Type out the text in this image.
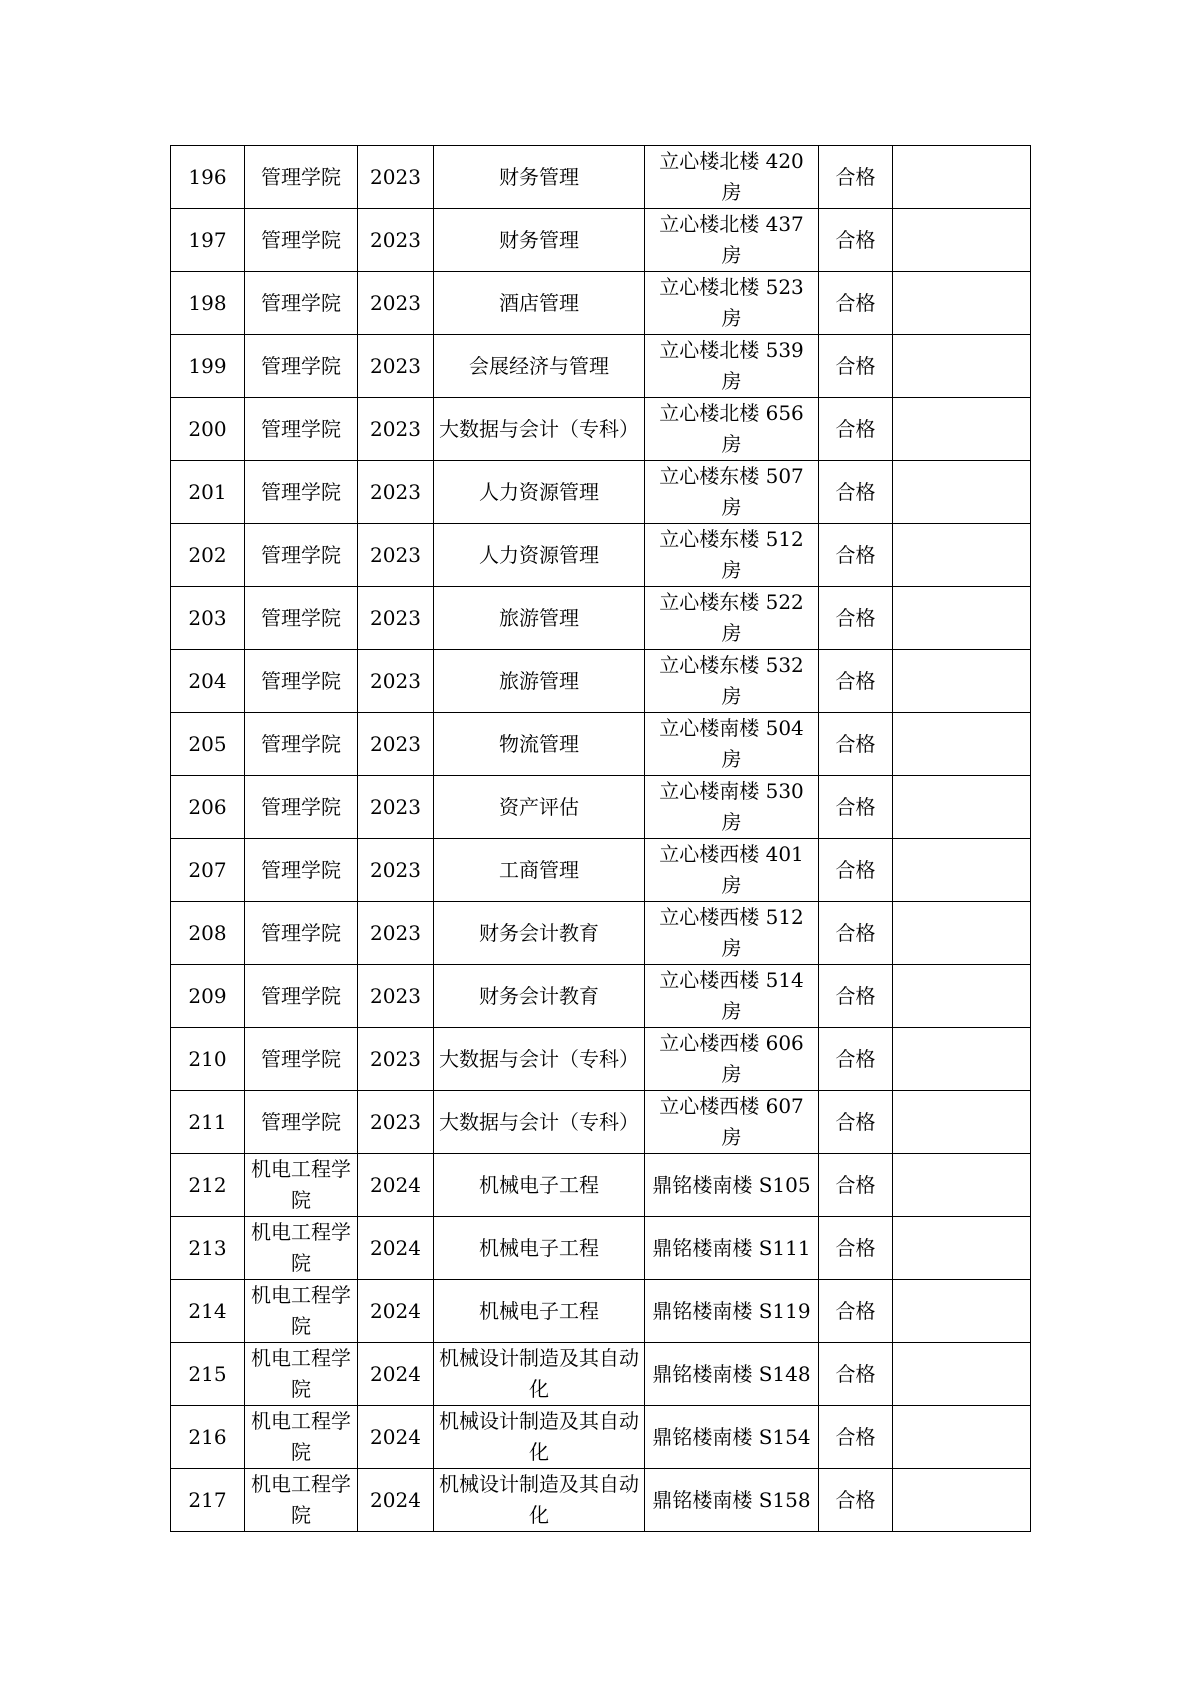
196	管理学院	2023	财务管理	立心楼北楼 420 房	合格	
197	管理学院	2023	财务管理	立心楼北楼 437 房	合格	
198	管理学院	2023	酒店管理	立心楼北楼 523 房	合格	
199	管理学院	2023	会展经济与管理	立心楼北楼 539 房	合格	
200	管理学院	2023	大数据与会计（专科）	立心楼北楼 656 房	合格	
201	管理学院	2023	人力资源管理	立心楼东楼 507 房	合格	
202	管理学院	2023	人力资源管理	立心楼东楼 512 房	合格	
203	管理学院	2023	旅游管理	立心楼东楼 522 房	合格	
204	管理学院	2023	旅游管理	立心楼东楼 532 房	合格	
205	管理学院	2023	物流管理	立心楼南楼 504 房	合格	
206	管理学院	2023	资产评估	立心楼南楼 530 房	合格	
207	管理学院	2023	工商管理	立心楼西楼 401 房	合格	
208	管理学院	2023	财务会计教育	立心楼西楼 512 房	合格	
209	管理学院	2023	财务会计教育	立心楼西楼 514 房	合格	
210	管理学院	2023	大数据与会计（专科）	立心楼西楼 606 房	合格	
211	管理学院	2023	大数据与会计（专科）	立心楼西楼 607 房	合格	
212	机电工程学院	2024	机械电子工程	鼎铭楼南楼 S105	合格	
213	机电工程学院	2024	机械电子工程	鼎铭楼南楼 S111	合格	
214	机电工程学院	2024	机械电子工程	鼎铭楼南楼 S119	合格	
215	机电工程学院	2024	机械设计制造及其自动化	鼎铭楼南楼 S148	合格	
216	机电工程学院	2024	机械设计制造及其自动化	鼎铭楼南楼 S154	合格	
217	机电工程学院	2024	机械设计制造及其自动化	鼎铭楼南楼 S158	合格	
